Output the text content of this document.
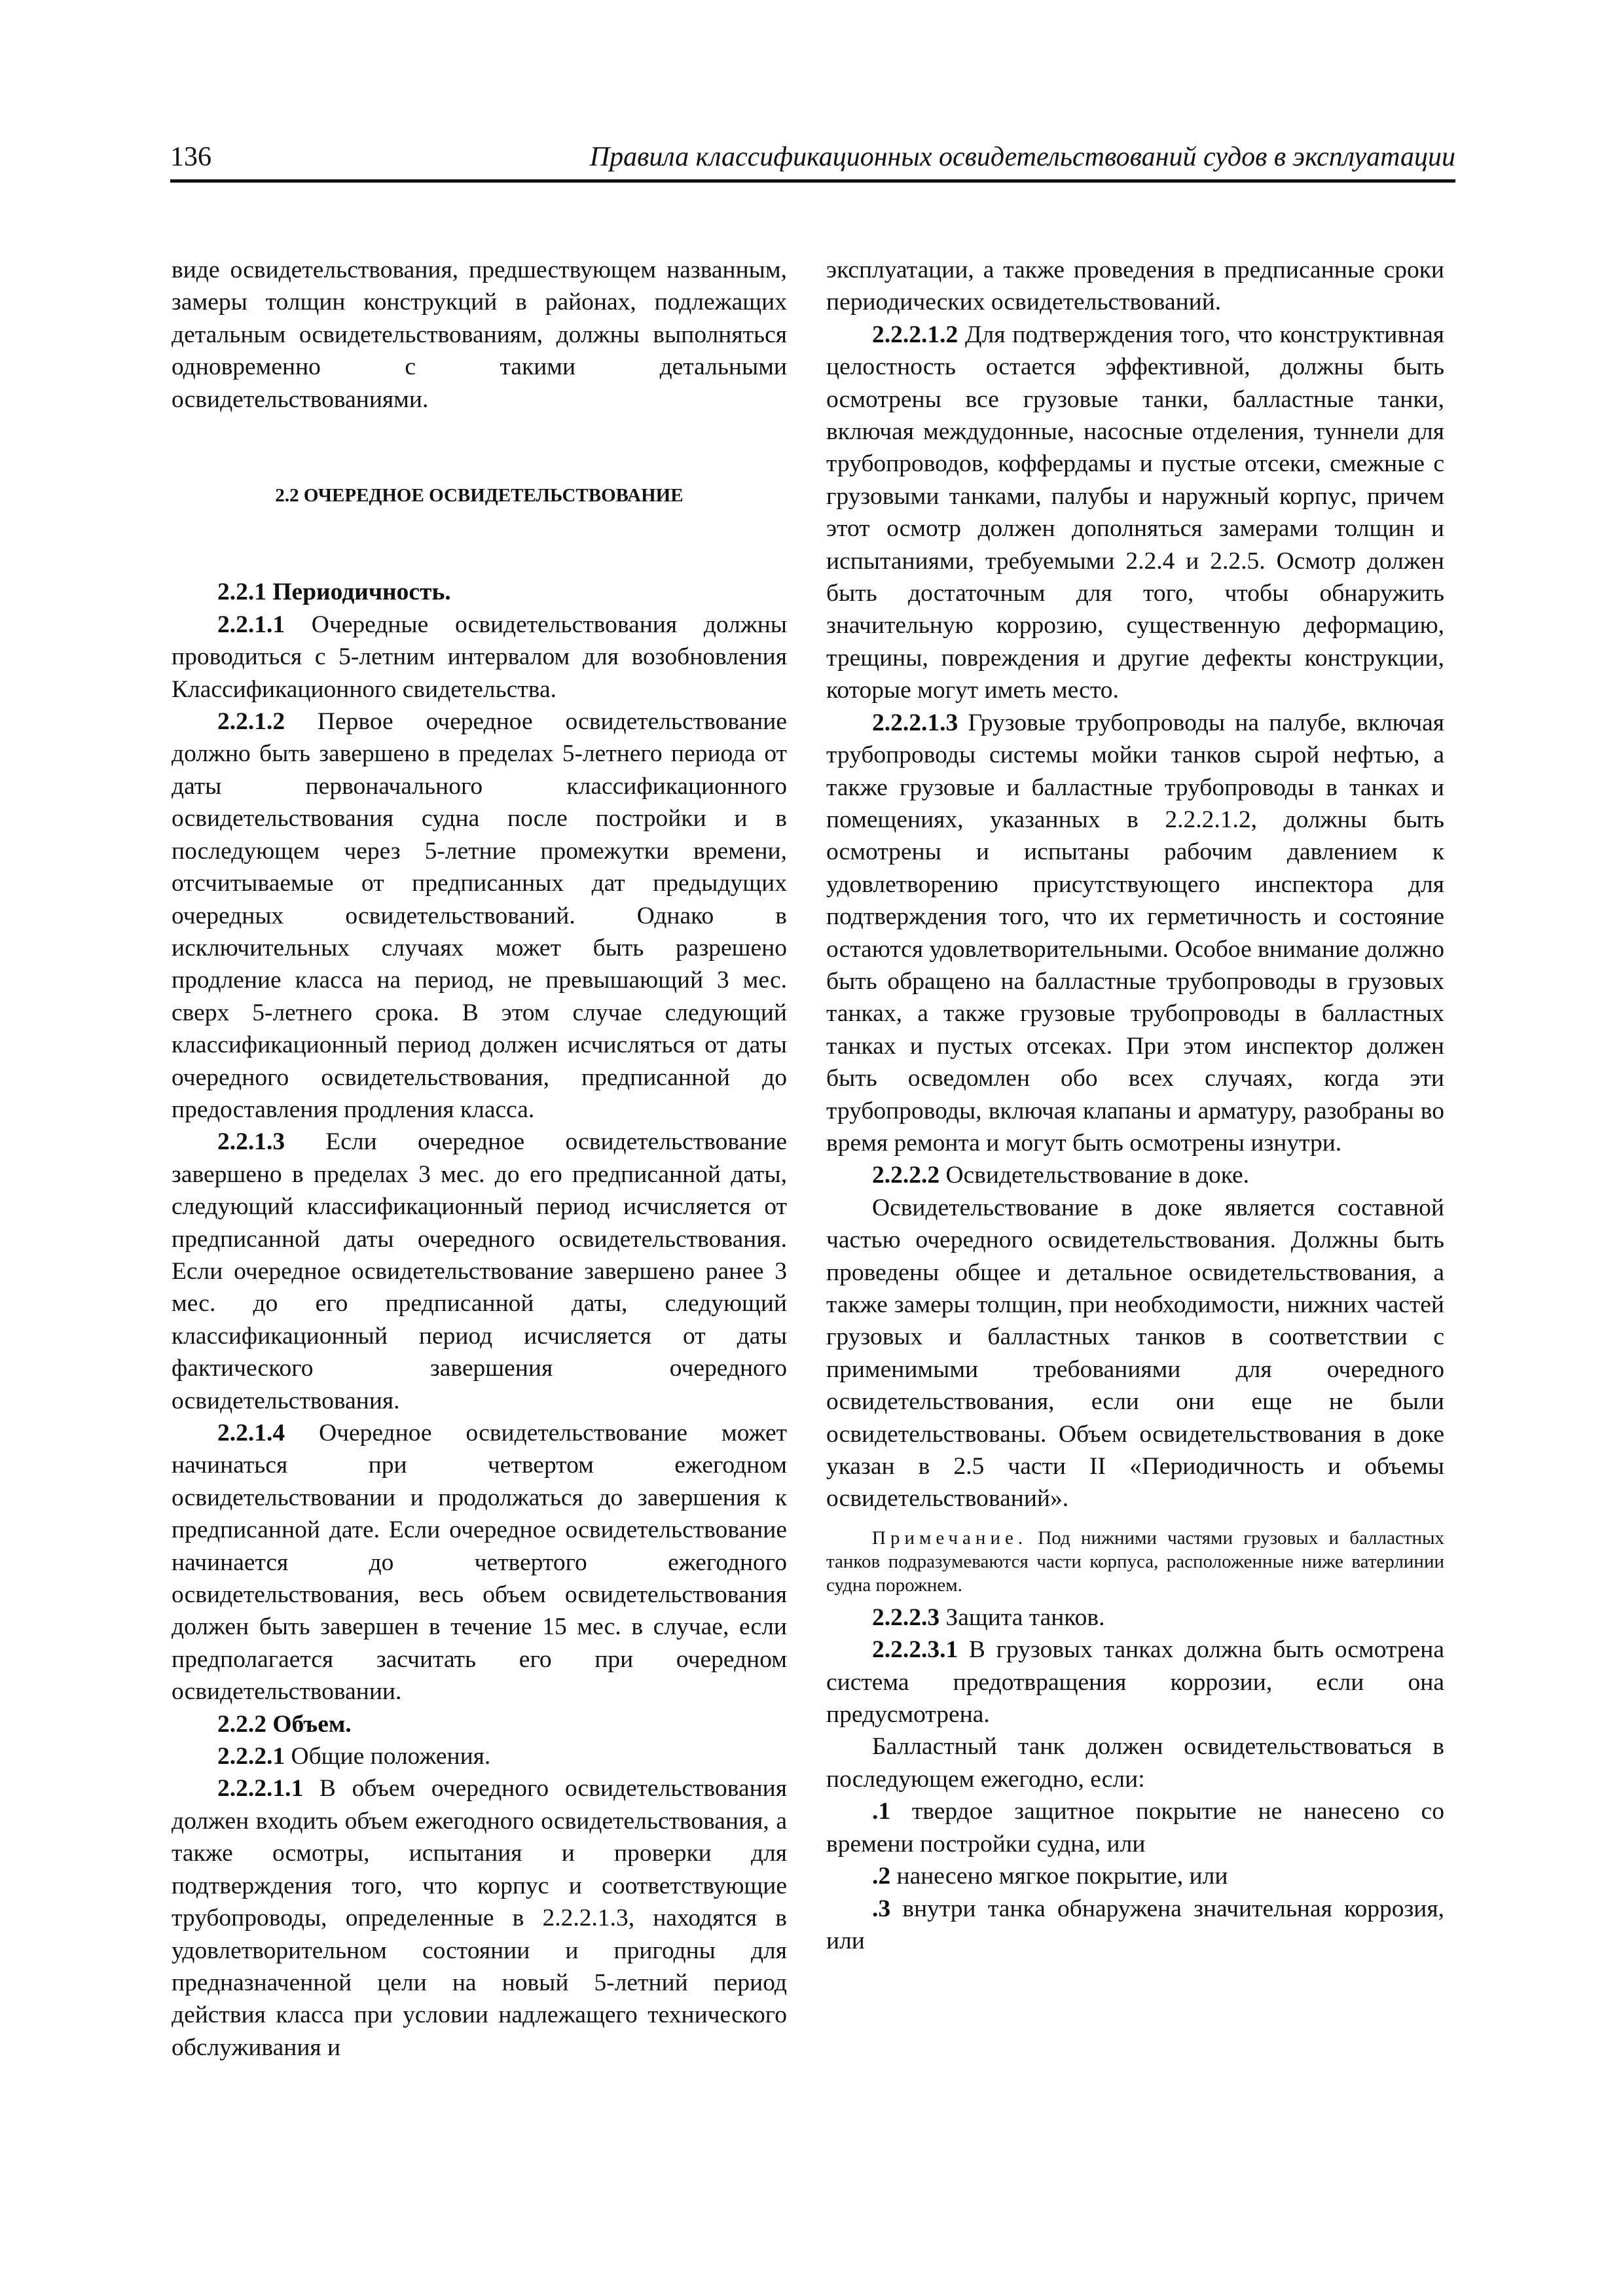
136	Правила классификационных освидетельствований судов в эксплуатации

виде освидетельствования, предшествующем названным, замеры толщин конструкций в районах, подлежащих детальным освидетельствованиям, должны выполняться одновременно с такими детальными освидетельствованиями.

2.2 ОЧЕРЕДНОЕ ОСВИДЕТЕЛЬСТВОВАНИЕ

2.2.1 Периодичность.

2.2.1.1 Очередные освидетельствования должны проводиться с 5-летним интервалом для возобновления Классификационного свидетельства.

2.2.1.2 Первое очередное освидетельствование должно быть завершено в пределах 5-летнего периода от даты первоначального классификационного освидетельствования судна после постройки и в последующем через 5-летние промежутки времени, отсчитываемые от предписанных дат предыдущих очередных освидетельствований. Однако в исключительных случаях может быть разрешено продление класса на период, не превышающий 3 мес. сверх 5-летнего срока. В этом случае следующий классификационный период должен исчисляться от даты очередного освидетельствования, предписанной до предоставления продления класса.

2.2.1.3 Если очередное освидетельствование завершено в пределах 3 мес. до его предписанной даты, следующий классификационный период исчисляется от предписанной даты очередного освидетельствования. Если очередное освидетельствование завершено ранее 3 мес. до его предписанной даты, следующий классификационный период исчисляется от даты фактического завершения очередного освидетельствования.

2.2.1.4 Очередное освидетельствование может начинаться при четвертом ежегодном освидетельствовании и продолжаться до завершения к предписанной дате. Если очередное освидетельствование начинается до четвертого ежегодного освидетельствования, весь объем освидетельствования должен быть завершен в течение 15 мес. в случае, если предполагается засчитать его при очередном освидетельствовании.

2.2.2 Объем.

2.2.2.1 Общие положения.

2.2.2.1.1 В объем очередного освидетельствования должен входить объем ежегодного освидетельствования, а также осмотры, испытания и проверки для подтверждения того, что корпус и соответствующие трубопроводы, определенные в 2.2.2.1.3, находятся в удовлетворительном состоянии и пригодны для предназначенной цели на новый 5-летний период действия класса при условии надлежащего технического обслуживания и

эксплуатации, а также проведения в предписанные сроки периодических освидетельствований.

2.2.2.1.2 Для подтверждения того, что конструктивная целостность остается эффективной, должны быть осмотрены все грузовые танки, балластные танки, включая междудонные, насосные отделения, туннели для трубопроводов, коффердамы и пустые отсеки, смежные с грузовыми танками, палубы и наружный корпус, причем этот осмотр должен дополняться замерами толщин и испытаниями, требуемыми 2.2.4 и 2.2.5. Осмотр должен быть достаточным для того, чтобы обнаружить значительную коррозию, существенную деформацию, трещины, повреждения и другие дефекты конструкции, которые могут иметь место.

2.2.2.1.3 Грузовые трубопроводы на палубе, включая трубопроводы системы мойки танков сырой нефтью, а также грузовые и балластные трубопроводы в танках и помещениях, указанных в 2.2.2.1.2, должны быть осмотрены и испытаны рабочим давлением к удовлетворению присутствующего инспектора для подтверждения того, что их герметичность и состояние остаются удовлетворительными. Особое внимание должно быть обращено на балластные трубопроводы в грузовых танках, а также грузовые трубопроводы в балластных танках и пустых отсеках. При этом инспектор должен быть осведомлен обо всех случаях, когда эти трубопроводы, включая клапаны и арматуру, разобраны во время ремонта и могут быть осмотрены изнутри.

2.2.2.2 Освидетельствование в доке.

Освидетельствование в доке является составной частью очередного освидетельствования. Должны быть проведены общее и детальное освидетельствования, а также замеры толщин, при необходимости, нижних частей грузовых и балластных танков в соответствии с применимыми требованиями для очередного освидетельствования, если они еще не были освидетельствованы. Объем освидетельствования в доке указан в 2.5 части II «Периодичность и объемы освидетельствований».

Примечание. Под нижними частями грузовых и балластных танков подразумеваются части корпуса, расположенные ниже ватерлинии судна порожнем.

2.2.2.3 Защита танков.

2.2.2.3.1 В грузовых танках должна быть осмотрена система предотвращения коррозии, если она предусмотрена.

Балластный танк должен освидетельствоваться в последующем ежегодно, если:

.1 твердое защитное покрытие не нанесено со времени постройки судна, или

.2 нанесено мягкое покрытие, или

.3 внутри танка обнаружена значительная коррозия, или
